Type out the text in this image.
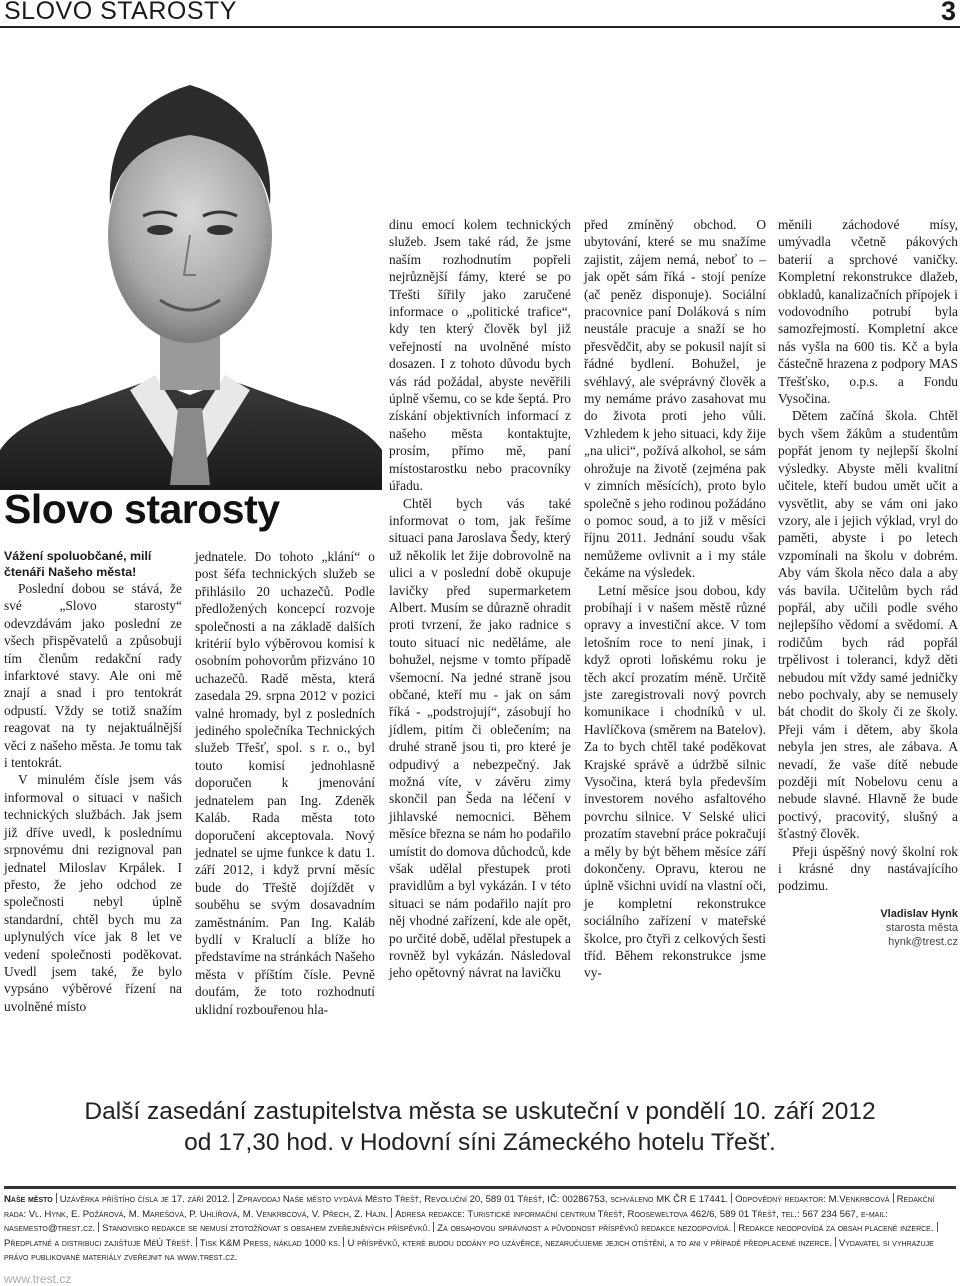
SLOVO STAROSTY	3
Slovo starosty

Vážení spoluobčané, milí čtenáři Našeho města!

Poslední dobou se stává, že své „Slovo starosty“ odevzdávám jako poslední ze všech přispěvatelů a způsobuji tím členům redakční rady infarktové stavy. Ale oni mě znají a snad i pro tentokrát odpustí. Vždy se totiž snažím reagovat na ty nejaktuálnější věci z našeho města. Je tomu tak i tentokrát.

V minulém čísle jsem vás informoval o situaci v našich technických službách. Jak jsem již dříve uvedl, k poslednímu srpnovému dni rezignoval pan jednatel Miloslav Krpálek. I přesto, že jeho odchod ze společnosti nebyl úplně standardní, chtěl bych mu za uplynulých více jak 8 let ve vedení společnosti poděkovat. Uvedl jsem také, že bylo vypsáno výběrové řízení na uvolněné místo

jednatele. Do tohoto „klání“ o post šéfa technických služeb se přihlásilo 20 uchazečů. Podle předložených koncepcí rozvoje společnosti a na základě dalších kritérií bylo výběrovou komisí k osobním pohovorům přizváno 10 uchazečů. Radě města, která zasedala 29. srpna 2012 v pozici valné hromady, byl z posledních jediného společníka Technických služeb Třešť, spol. s r. o., byl touto komisí jednohlasně doporučen k jmenování jednatelem pan Ing. Zdeněk Kaláb. Rada města toto doporučení akceptovala. Nový jednatel se ujme funkce k datu 1. září 2012, i když první měsíc bude do Třeště dojíždět v souběhu se svým dosavadním zaměstnáním. Pan Ing. Kaláb bydlí v Kraluclí a blíže ho představíme na stránkách Našeho města v příštím čísle. Pevně doufám, že toto rozhodnutí uklidní rozbouřenou hla-

dinu emocí kolem technických služeb. Jsem také rád, že jsme naším rozhodnutím popřeli nejrůznější fámy, které se po Třešti šířily jako zaručené informace o „politické trafice“, kdy ten který člověk byl již veřejností na uvolněné místo dosazen. I z tohoto důvodu bych vás rád požádal, abyste nevěřili úplně všemu, co se kde šeptá. Pro získání objektivních informací z našeho města kontaktujte, prosím, přímo mě, paní místostarostku nebo pracovníky úřadu.

Chtěl bych vás také informovat o tom, jak řešíme situaci pana Jaroslava Šedy, který už několik let žije dobrovolně na ulici a v poslední době okupuje lavičky před supermarketem Albert. Musím se důrazně ohradit proti tvrzení, že jako radnice s touto situací nic neděláme, ale bohužel, nejsme v tomto případě všemocní. Na jedné straně jsou občané, kteří mu - jak on sám říká - „podstrojují“, zásobují ho jídlem, pitím či oblečením; na druhé straně jsou ti, pro které je odpudivý a nebezpečný. Jak možná víte, v závěru zimy skončil pan Šeda na léčení v jihlavské nemocnici. Během měsíce března se nám ho podařilo umístit do domova důchodců, kde však udělal přestupek proti pravidlům a byl vykázán. I v této situaci se nám podařilo najít pro něj vhodné zařízení, kde ale opět, po určité době, udělal přestupek a rovněž byl vykázán. Následoval jeho opětovný návrat na lavičku

před zmíněný obchod. O ubytování, které se mu snažíme zajistit, zájem nemá, neboť to – jak opět sám říká - stojí peníze (ač peněz disponuje). Sociální pracovnice paní Doláková s ním neustále pracuje a snaží se ho přesvědčit, aby se pokusil najít si řádné bydlení. Bohužel, je svéhlavý, ale svéprávný člověk a my nemáme právo zasahovat mu do života proti jeho vůli. Vzhledem k jeho situaci, kdy žije „na ulici“, požívá alkohol, se sám ohrožuje na životě (zejména pak v zimních měsících), proto bylo společně s jeho rodinou požádáno o pomoc soud, a to již v měsíci říjnu 2011. Jednání soudu však nemůžeme ovlivnit a i my stále čekáme na výsledek.

Letní měsíce jsou dobou, kdy probíhají i v našem městě různé opravy a investiční akce. V tom letošním roce to není jinak, i když oproti loňskému roku je těch akcí prozatím méně. Určitě jste zaregistrovali nový povrch komunikace i chodníků v ul. Havlíčkova (směrem na Batelov). Za to bych chtěl také poděkovat Krajské správě a údržbě silnic Vysočina, která byla především investorem nového asfaltového povrchu silnice. V Selské ulici prozatím stavební práce pokračují a měly by být během měsíce září dokončeny. Opravu, kterou ne úplně všichni uvidí na vlastní oči, je kompletní rekonstrukce sociálního zařízení v mateřské školce, pro čtyři z celkových šesti tříd. Během rekonstrukce jsme vy-

měnili záchodové mísy, umývadla včetně pákových baterií a sprchové vaničky. Kompletní rekonstrukce dlažeb, obkladů, kanalizačních přípojek i vodovodního potrubí byla samozřejmostí. Kompletní akce nás vyšla na 600 tis. Kč a byla částečně hrazena z podpory MAS Třešťsko, o.p.s. a Fondu Vysočina.

Dětem začíná škola. Chtěl bych všem žákům a studentům popřát jenom ty nejlepší školní výsledky. Abyste měli kvalitní učitele, kteří budou umět učit a vysvětlit, aby se vám oni jako vzory, ale i jejich výklad, vryl do paměti, abyste i po letech vzpomínali na školu v dobrém. Aby vám škola něco dala a aby vás bavila. Učitelům bych rád popřál, aby učili podle svého nejlepšího vědomí a svědomí. A rodičům bych rád popřál trpělivost i toleranci, když děti nebudou mít vždy samé jedničky nebo pochvaly, aby se nemusely bát chodit do školy či ze školy. Přeji vám i dětem, aby škola nebyla jen stres, ale zábava. A nevadí, že vaše dítě nebude později mít Nobelovu cenu a nebude slavné. Hlavně že bude poctivý, pracovitý, slušný a šťastný člověk.

Přeji úspěšný nový školní rok i krásné dny nastávajícího podzimu.

Vladislav Hynk
starosta města
hynk@trest.cz
Další zasedání zastupitelstva města se uskuteční v pondělí 10. září 2012
od 17,30 hod. v Hodovní síni Zámeckého hotelu Třešť.
Naše město Uzávěrka příštího čísla je 17. září 2012. Zpravodaj Naše město vydává Město Třešť, Revoluční 20, 589 01 Třešť, IČ: 00286753, schváleno MK ČR E 17441. Odpovědný redaktor: M.Venkrbcová Redakční rada: Vl. Hynk, E. Požárová, M. Marešová, P. Uhlířová, M. Venkrbcová, V. Přech, Z. Hajn. Adresa redakce: Turistické informační centrum Třešť, Rooseweltova 462/6, 589 01 Třešť, tel.: 567 234 567, e-mail: nasemesto@trest.cz. Stanovisko redakce se nemusí ztotožňovat s obsahem zveřejněných příspěvků. Za obsahovou správnost a původnost příspěvků redakce nezodpovídá. Redakce neodpovídá za obsah placené inzerce.Předplatné a distribuci zajišťuje MěÚ Třešť. Tisk K&M Press, náklad 1000 ks. U příspěvků, které budou dodány po uzávěrce, nezaručujeme jejich otištění, a to ani v případě předplacené inzerce. Vydavatel si vyhrazuje právo publikované materiály zveřejnit na www.trest.cz.
www.trest.cz
